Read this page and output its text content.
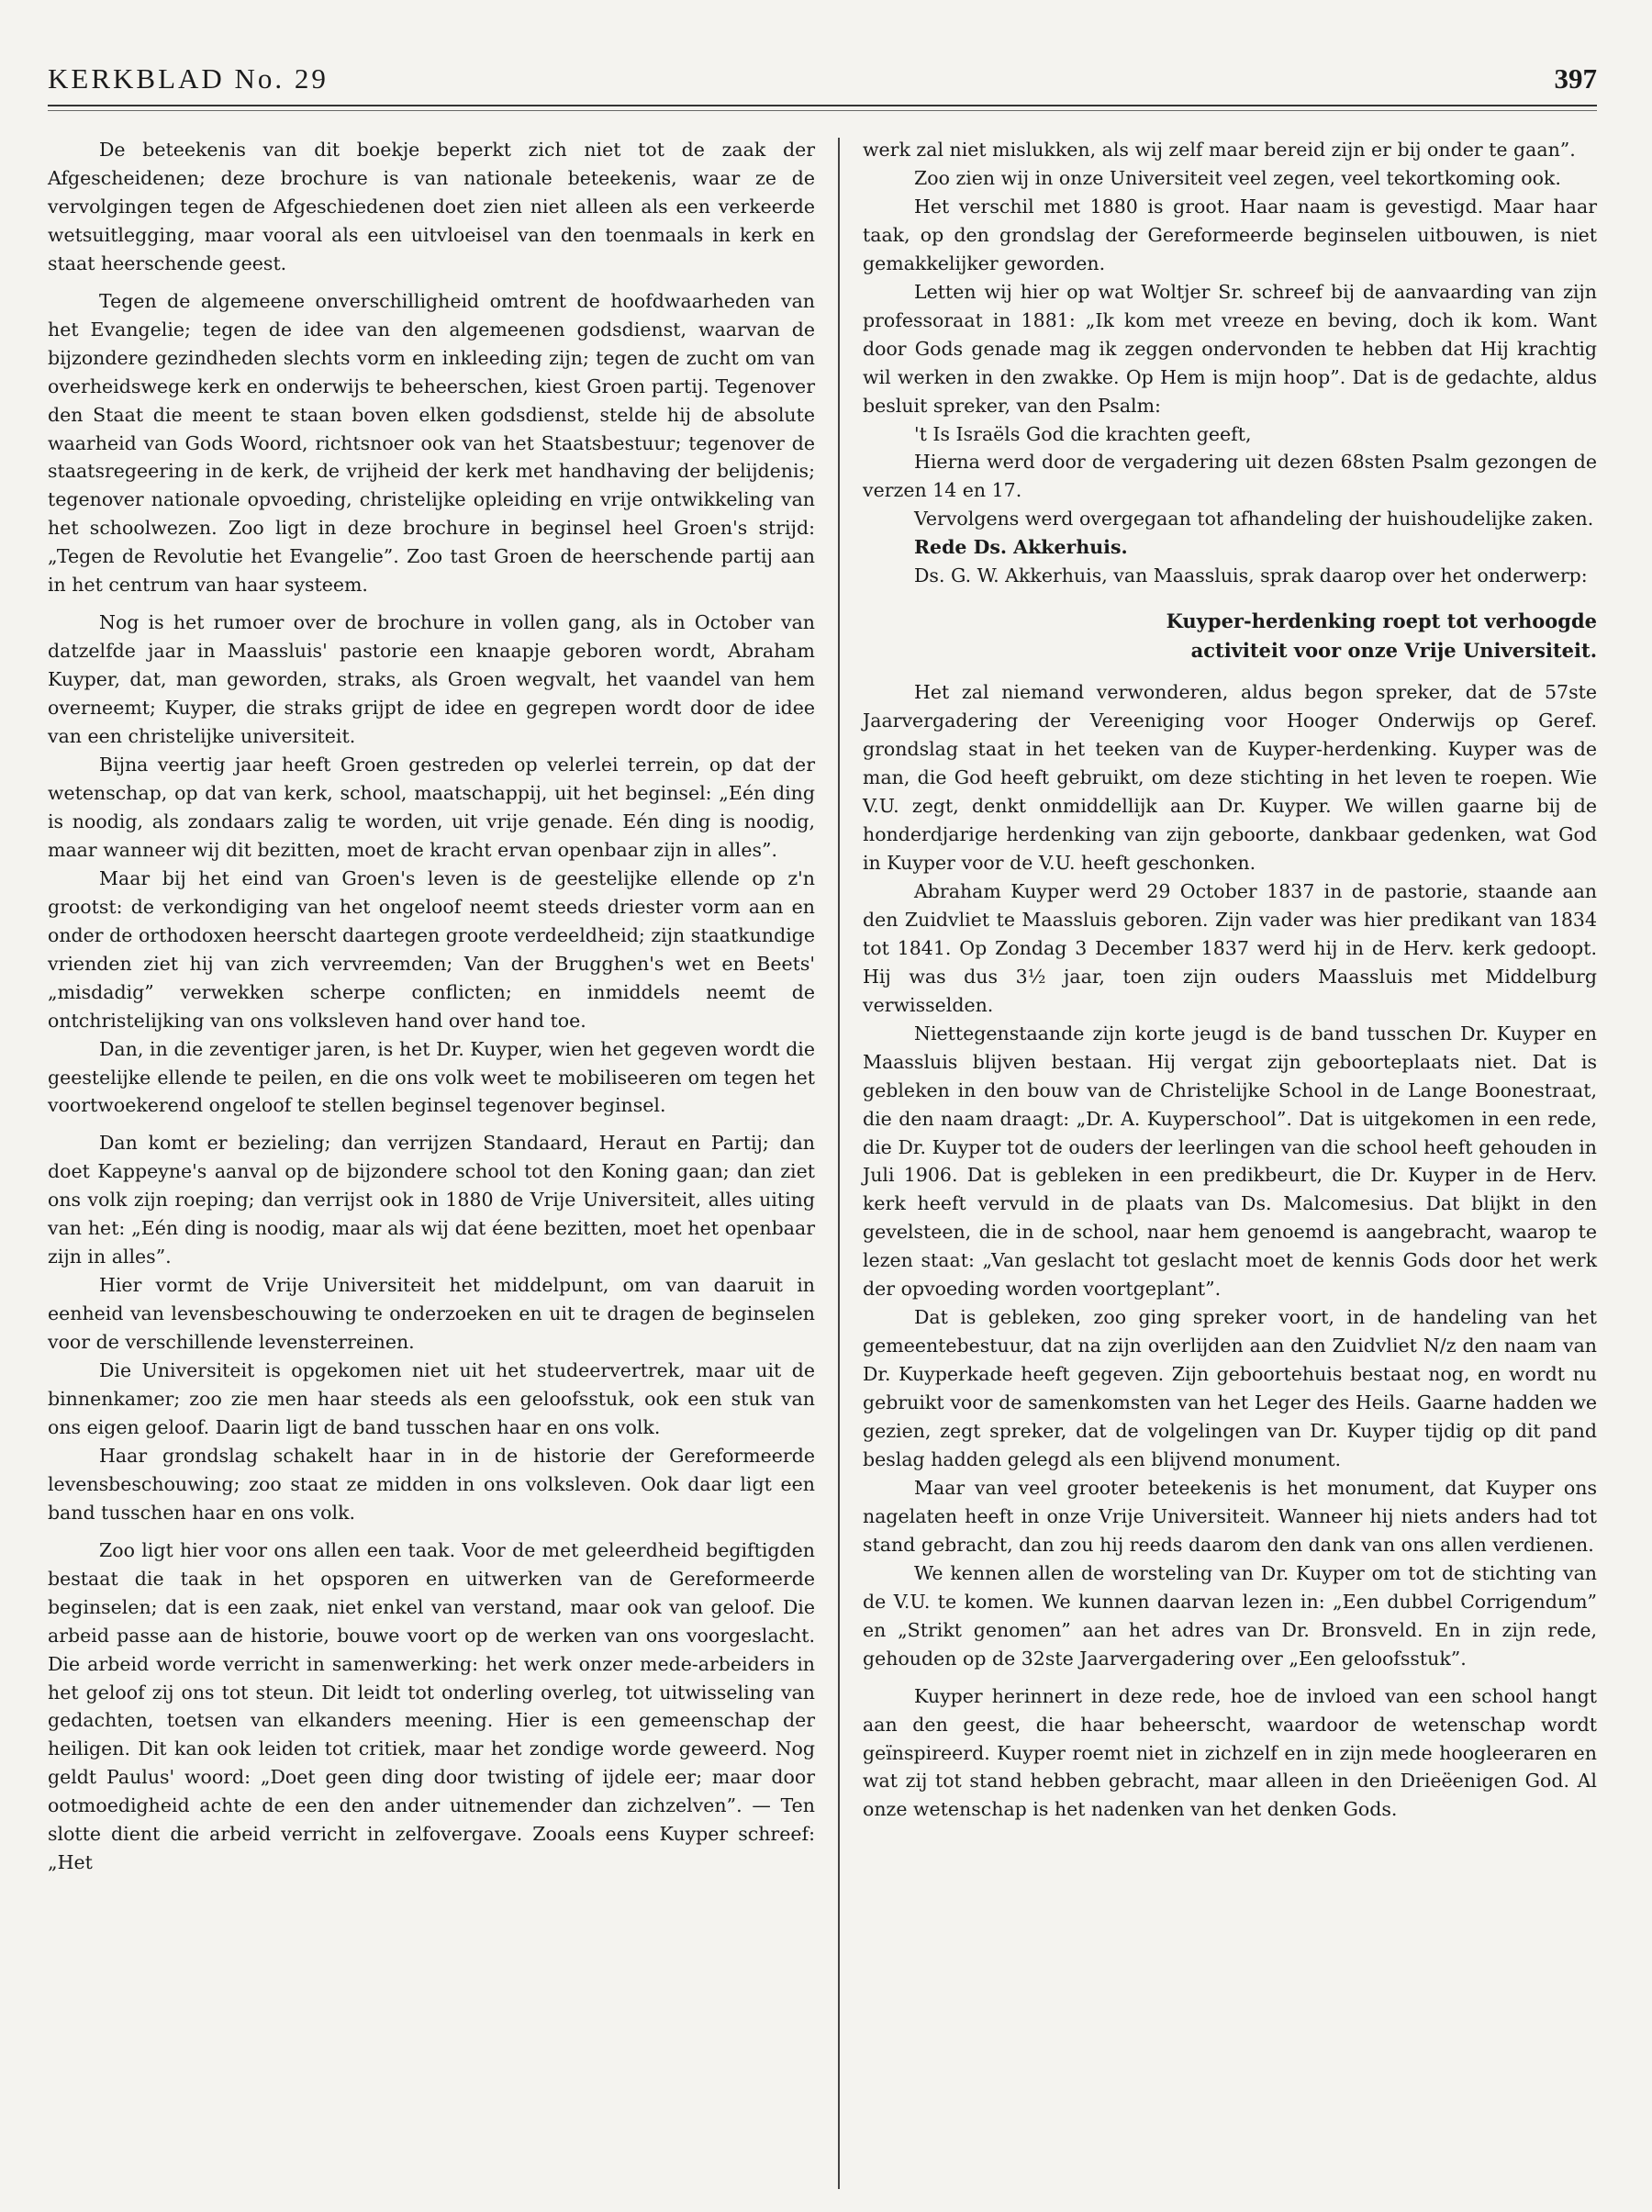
KERKBLAD No. 29	397

De beteekenis van dit boekje beperkt zich niet tot de zaak der Afgescheidenen; deze brochure is van nationale beteekenis, waar ze de vervolgingen tegen de Afgeschiedenen doet zien niet alleen als een verkeerde wetsuitlegging, maar vooral als een uitvloeisel van den toenmaals in kerk en staat heerschende geest.

Tegen de algemeene onverschilligheid omtrent de hoofdwaarheden van het Evangelie; tegen de idee van den algemeenen godsdienst, waarvan de bijzondere gezindheden slechts vorm en inkleeding zijn; tegen de zucht om van overheidswege kerk en onderwijs te beheerschen, kiest Groen partij. Tegenover den Staat die meent te staan boven elken godsdienst, stelde hij de absolute waarheid van Gods Woord, richtsnoer ook van het Staatsbestuur; tegenover de staatsregeering in de kerk, de vrijheid der kerk met handhaving der belijdenis; tegenover nationale opvoeding, christelijke opleiding en vrije ontwikkeling van het schoolwezen. Zoo ligt in deze brochure in beginsel heel Groen's strijd: „Tegen de Revolutie het Evangelie”. Zoo tast Groen de heerschende partij aan in het centrum van haar systeem.

Nog is het rumoer over de brochure in vollen gang, als in October van datzelfde jaar in Maassluis' pastorie een knaapje geboren wordt, Abraham Kuyper, dat, man geworden, straks, als Groen wegvalt, het vaandel van hem overneemt; Kuyper, die straks grijpt de idee en gegrepen wordt door de idee van een christelijke universiteit.

Bijna veertig jaar heeft Groen gestreden op velerlei terrein, op dat der wetenschap, op dat van kerk, school, maatschappij, uit het beginsel: „Eén ding is noodig, als zondaars zalig te worden, uit vrije genade. Eén ding is noodig, maar wanneer wij dit bezitten, moet de kracht ervan openbaar zijn in alles”.

Maar bij het eind van Groen's leven is de geestelijke ellende op z'n grootst: de verkondiging van het ongeloof neemt steeds driester vorm aan en onder de orthodoxen heerscht daartegen groote verdeeldheid; zijn staatkundige vrienden ziet hij van zich vervreemden; Van der Brugghen's wet en Beets' „misdadig” verwekken scherpe conflicten; en inmiddels neemt de ontchristelijking van ons volksleven hand over hand toe.

Dan, in die zeventiger jaren, is het Dr. Kuyper, wien het gegeven wordt die geestelijke ellende te peilen, en die ons volk weet te mobiliseeren om tegen het voortwoekerend ongeloof te stellen beginsel tegenover beginsel.

Dan komt er bezieling; dan verrijzen Standaard, Heraut en Partij; dan doet Kappeyne's aanval op de bijzondere school tot den Koning gaan; dan ziet ons volk zijn roeping; dan verrijst ook in 1880 de Vrije Universiteit, alles uiting van het: „Eén ding is noodig, maar als wij dat éene bezitten, moet het openbaar zijn in alles”.

Hier vormt de Vrije Universiteit het middelpunt, om van daaruit in eenheid van levensbeschouwing te onderzoeken en uit te dragen de beginselen voor de verschillende levensterreinen.

Die Universiteit is opgekomen niet uit het studeervertrek, maar uit de binnenkamer; zoo zie men haar steeds als een geloofsstuk, ook een stuk van ons eigen geloof. Daarin ligt de band tusschen haar en ons volk.

Haar grondslag schakelt haar in in de historie der Gereformeerde levensbeschouwing; zoo staat ze midden in ons volksleven. Ook daar ligt een band tusschen haar en ons volk.

Zoo ligt hier voor ons allen een taak. Voor de met geleerdheid begiftigden bestaat die taak in het opsporen en uitwerken van de Gereformeerde beginselen; dat is een zaak, niet enkel van verstand, maar ook van geloof. Die arbeid passe aan de historie, bouwe voort op de werken van ons voorgeslacht. Die arbeid worde verricht in samenwerking: het werk onzer mede-arbeiders in het geloof zij ons tot steun. Dit leidt tot onderling overleg, tot uitwisseling van gedachten, toetsen van elkanders meening. Hier is een gemeenschap der heiligen. Dit kan ook leiden tot critiek, maar het zondige worde geweerd. Nog geldt Paulus' woord: „Doet geen ding door twisting of ijdele eer; maar door ootmoedigheid achte de een den ander uitnemender dan zichzelven”. — Ten slotte dient die arbeid verricht in zelfovergave. Zooals eens Kuyper schreef: „Het

werk zal niet mislukken, als wij zelf maar bereid zijn er bij onder te gaan”.

Zoo zien wij in onze Universiteit veel zegen, veel tekortkoming ook.

Het verschil met 1880 is groot. Haar naam is gevestigd. Maar haar taak, op den grondslag der Gereformeerde beginselen uitbouwen, is niet gemakkelijker geworden.

Letten wij hier op wat Woltjer Sr. schreef bij de aanvaarding van zijn professoraat in 1881: „Ik kom met vreeze en beving, doch ik kom. Want door Gods genade mag ik zeggen ondervonden te hebben dat Hij krachtig wil werken in den zwakke. Op Hem is mijn hoop”. Dat is de gedachte, aldus besluit spreker, van den Psalm:

't Is Israëls God die krachten geeft,

Hierna werd door de vergadering uit dezen 68sten Psalm gezongen de verzen 14 en 17.

Vervolgens werd overgegaan tot afhandeling der huishoudelijke zaken.

Rede Ds. Akkerhuis.

Ds. G. W. Akkerhuis, van Maassluis, sprak daarop over het onderwerp:

Kuyper-herdenking roept tot verhoogde
activiteit voor onze Vrije Universiteit.

Het zal niemand verwonderen, aldus begon spreker, dat de 57ste Jaarvergadering der Vereeniging voor Hooger Onderwijs op Geref. grondslag staat in het teeken van de Kuyper-herdenking. Kuyper was de man, die God heeft gebruikt, om deze stichting in het leven te roepen. Wie V.U. zegt, denkt onmiddellijk aan Dr. Kuyper. We willen gaarne bij de honderdjarige herdenking van zijn geboorte, dankbaar gedenken, wat God in Kuyper voor de V.U. heeft geschonken.

Abraham Kuyper werd 29 October 1837 in de pastorie, staande aan den Zuidvliet te Maassluis geboren. Zijn vader was hier predikant van 1834 tot 1841. Op Zondag 3 December 1837 werd hij in de Herv. kerk gedoopt. Hij was dus 3½ jaar, toen zijn ouders Maassluis met Middelburg verwisselden.

Niettegenstaande zijn korte jeugd is de band tusschen Dr. Kuyper en Maassluis blijven bestaan. Hij vergat zijn geboorteplaats niet. Dat is gebleken in den bouw van de Christelijke School in de Lange Boonestraat, die den naam draagt: „Dr. A. Kuyperschool”. Dat is uitgekomen in een rede, die Dr. Kuyper tot de ouders der leerlingen van die school heeft gehouden in Juli 1906. Dat is gebleken in een predikbeurt, die Dr. Kuyper in de Herv. kerk heeft vervuld in de plaats van Ds. Malcomesius. Dat blijkt in den gevelsteen, die in de school, naar hem genoemd is aangebracht, waarop te lezen staat: „Van geslacht tot geslacht moet de kennis Gods door het werk der opvoeding worden voortgeplant”.

Dat is gebleken, zoo ging spreker voort, in de handeling van het gemeentebestuur, dat na zijn overlijden aan den Zuidvliet N/z den naam van Dr. Kuyperkade heeft gegeven. Zijn geboortehuis bestaat nog, en wordt nu gebruikt voor de samenkomsten van het Leger des Heils. Gaarne hadden we gezien, zegt spreker, dat de volgelingen van Dr. Kuyper tijdig op dit pand beslag hadden gelegd als een blijvend monument.

Maar van veel grooter beteekenis is het monument, dat Kuyper ons nagelaten heeft in onze Vrije Universiteit. Wanneer hij niets anders had tot stand gebracht, dan zou hij reeds daarom den dank van ons allen verdienen.

We kennen allen de worsteling van Dr. Kuyper om tot de stichting van de V.U. te komen. We kunnen daarvan lezen in: „Een dubbel Corrigendum” en „Strikt genomen” aan het adres van Dr. Bronsveld. En in zijn rede, gehouden op de 32ste Jaarvergadering over „Een geloofsstuk”.

Kuyper herinnert in deze rede, hoe de invloed van een school hangt aan den geest, die haar beheerscht, waardoor de wetenschap wordt geïnspireerd. Kuyper roemt niet in zichzelf en in zijn mede hoogleeraren en wat zij tot stand hebben gebracht, maar alleen in den Drieëenigen God. Al onze wetenschap is het nadenken van het denken Gods.
